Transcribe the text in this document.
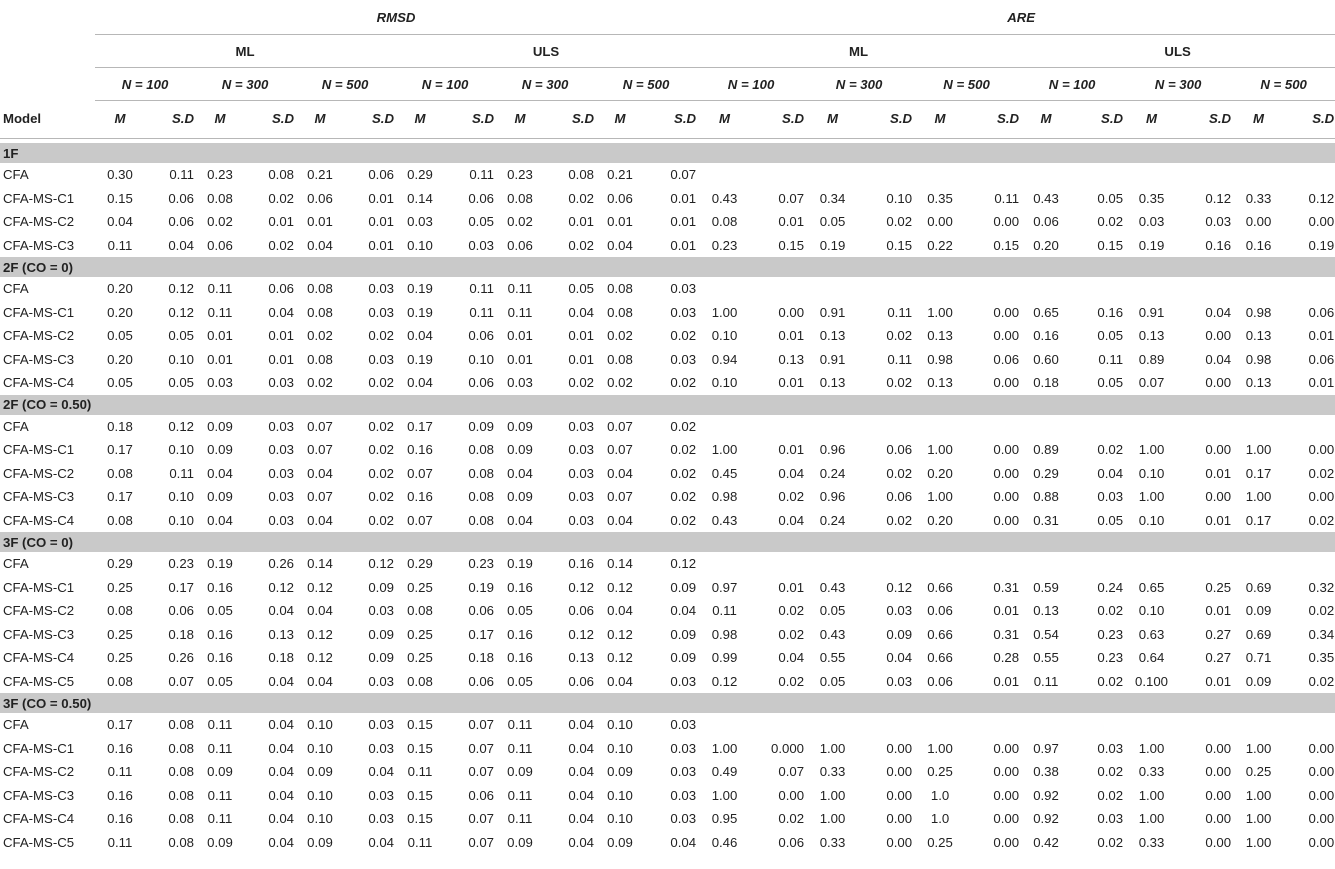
	RMSD												ARE											
	ML						ULS						ML						ULS					
	N = 100		N = 300		N = 500		N = 100		N = 300		N = 500		N = 100		N = 300		N = 500		N = 100		N = 300		N = 500	
Model	M	S.D	M	S.D	M	S.D	M	S.D	M	S.D	M	S.D	M	S.D	M	S.D	M	S.D	M	S.D	M	S.D	M	S.D

1F																								
CFA	0.30	0.11	0.23	0.08	0.21	0.06	0.29	0.11	0.23	0.08	0.21	0.07												
CFA-MS-C1	0.15	0.06	0.08	0.02	0.06	0.01	0.14	0.06	0.08	0.02	0.06	0.01	0.43	0.07	0.34	0.10	0.35	0.11	0.43	0.05	0.35	0.12	0.33	0.12
CFA-MS-C2	0.04	0.06	0.02	0.01	0.01	0.01	0.03	0.05	0.02	0.01	0.01	0.01	0.08	0.01	0.05	0.02	0.00	0.00	0.06	0.02	0.03	0.03	0.00	0.00
CFA-MS-C3	0.11	0.04	0.06	0.02	0.04	0.01	0.10	0.03	0.06	0.02	0.04	0.01	0.23	0.15	0.19	0.15	0.22	0.15	0.20	0.15	0.19	0.16	0.16	0.19
2F (CO = 0)																								
CFA	0.20	0.12	0.11	0.06	0.08	0.03	0.19	0.11	0.11	0.05	0.08	0.03												
CFA-MS-C1	0.20	0.12	0.11	0.04	0.08	0.03	0.19	0.11	0.11	0.04	0.08	0.03	1.00	0.00	0.91	0.11	1.00	0.00	0.65	0.16	0.91	0.04	0.98	0.06
CFA-MS-C2	0.05	0.05	0.01	0.01	0.02	0.02	0.04	0.06	0.01	0.01	0.02	0.02	0.10	0.01	0.13	0.02	0.13	0.00	0.16	0.05	0.13	0.00	0.13	0.01
CFA-MS-C3	0.20	0.10	0.01	0.01	0.08	0.03	0.19	0.10	0.01	0.01	0.08	0.03	0.94	0.13	0.91	0.11	0.98	0.06	0.60	0.11	0.89	0.04	0.98	0.06
CFA-MS-C4	0.05	0.05	0.03	0.03	0.02	0.02	0.04	0.06	0.03	0.02	0.02	0.02	0.10	0.01	0.13	0.02	0.13	0.00	0.18	0.05	0.07	0.00	0.13	0.01
2F (CO = 0.50)																								
CFA	0.18	0.12	0.09	0.03	0.07	0.02	0.17	0.09	0.09	0.03	0.07	0.02												
CFA-MS-C1	0.17	0.10	0.09	0.03	0.07	0.02	0.16	0.08	0.09	0.03	0.07	0.02	1.00	0.01	0.96	0.06	1.00	0.00	0.89	0.02	1.00	0.00	1.00	0.00
CFA-MS-C2	0.08	0.11	0.04	0.03	0.04	0.02	0.07	0.08	0.04	0.03	0.04	0.02	0.45	0.04	0.24	0.02	0.20	0.00	0.29	0.04	0.10	0.01	0.17	0.02
CFA-MS-C3	0.17	0.10	0.09	0.03	0.07	0.02	0.16	0.08	0.09	0.03	0.07	0.02	0.98	0.02	0.96	0.06	1.00	0.00	0.88	0.03	1.00	0.00	1.00	0.00
CFA-MS-C4	0.08	0.10	0.04	0.03	0.04	0.02	0.07	0.08	0.04	0.03	0.04	0.02	0.43	0.04	0.24	0.02	0.20	0.00	0.31	0.05	0.10	0.01	0.17	0.02
3F (CO = 0)																								
CFA	0.29	0.23	0.19	0.26	0.14	0.12	0.29	0.23	0.19	0.16	0.14	0.12												
CFA-MS-C1	0.25	0.17	0.16	0.12	0.12	0.09	0.25	0.19	0.16	0.12	0.12	0.09	0.97	0.01	0.43	0.12	0.66	0.31	0.59	0.24	0.65	0.25	0.69	0.32
CFA-MS-C2	0.08	0.06	0.05	0.04	0.04	0.03	0.08	0.06	0.05	0.06	0.04	0.04	0.11	0.02	0.05	0.03	0.06	0.01	0.13	0.02	0.10	0.01	0.09	0.02
CFA-MS-C3	0.25	0.18	0.16	0.13	0.12	0.09	0.25	0.17	0.16	0.12	0.12	0.09	0.98	0.02	0.43	0.09	0.66	0.31	0.54	0.23	0.63	0.27	0.69	0.34
CFA-MS-C4	0.25	0.26	0.16	0.18	0.12	0.09	0.25	0.18	0.16	0.13	0.12	0.09	0.99	0.04	0.55	0.04	0.66	0.28	0.55	0.23	0.64	0.27	0.71	0.35
CFA-MS-C5	0.08	0.07	0.05	0.04	0.04	0.03	0.08	0.06	0.05	0.06	0.04	0.03	0.12	0.02	0.05	0.03	0.06	0.01	0.11	0.02	0.100	0.01	0.09	0.02
3F (CO = 0.50)																								
CFA	0.17	0.08	0.11	0.04	0.10	0.03	0.15	0.07	0.11	0.04	0.10	0.03												
CFA-MS-C1	0.16	0.08	0.11	0.04	0.10	0.03	0.15	0.07	0.11	0.04	0.10	0.03	1.00	0.000	1.00	0.00	1.00	0.00	0.97	0.03	1.00	0.00	1.00	0.00
CFA-MS-C2	0.11	0.08	0.09	0.04	0.09	0.04	0.11	0.07	0.09	0.04	0.09	0.03	0.49	0.07	0.33	0.00	0.25	0.00	0.38	0.02	0.33	0.00	0.25	0.00
CFA-MS-C3	0.16	0.08	0.11	0.04	0.10	0.03	0.15	0.06	0.11	0.04	0.10	0.03	1.00	0.00	1.00	0.00	1.0	0.00	0.92	0.02	1.00	0.00	1.00	0.00
CFA-MS-C4	0.16	0.08	0.11	0.04	0.10	0.03	0.15	0.07	0.11	0.04	0.10	0.03	0.95	0.02	1.00	0.00	1.0	0.00	0.92	0.03	1.00	0.00	1.00	0.00
CFA-MS-C5	0.11	0.08	0.09	0.04	0.09	0.04	0.11	0.07	0.09	0.04	0.09	0.04	0.46	0.06	0.33	0.00	0.25	0.00	0.42	0.02	0.33	0.00	1.00	0.00
